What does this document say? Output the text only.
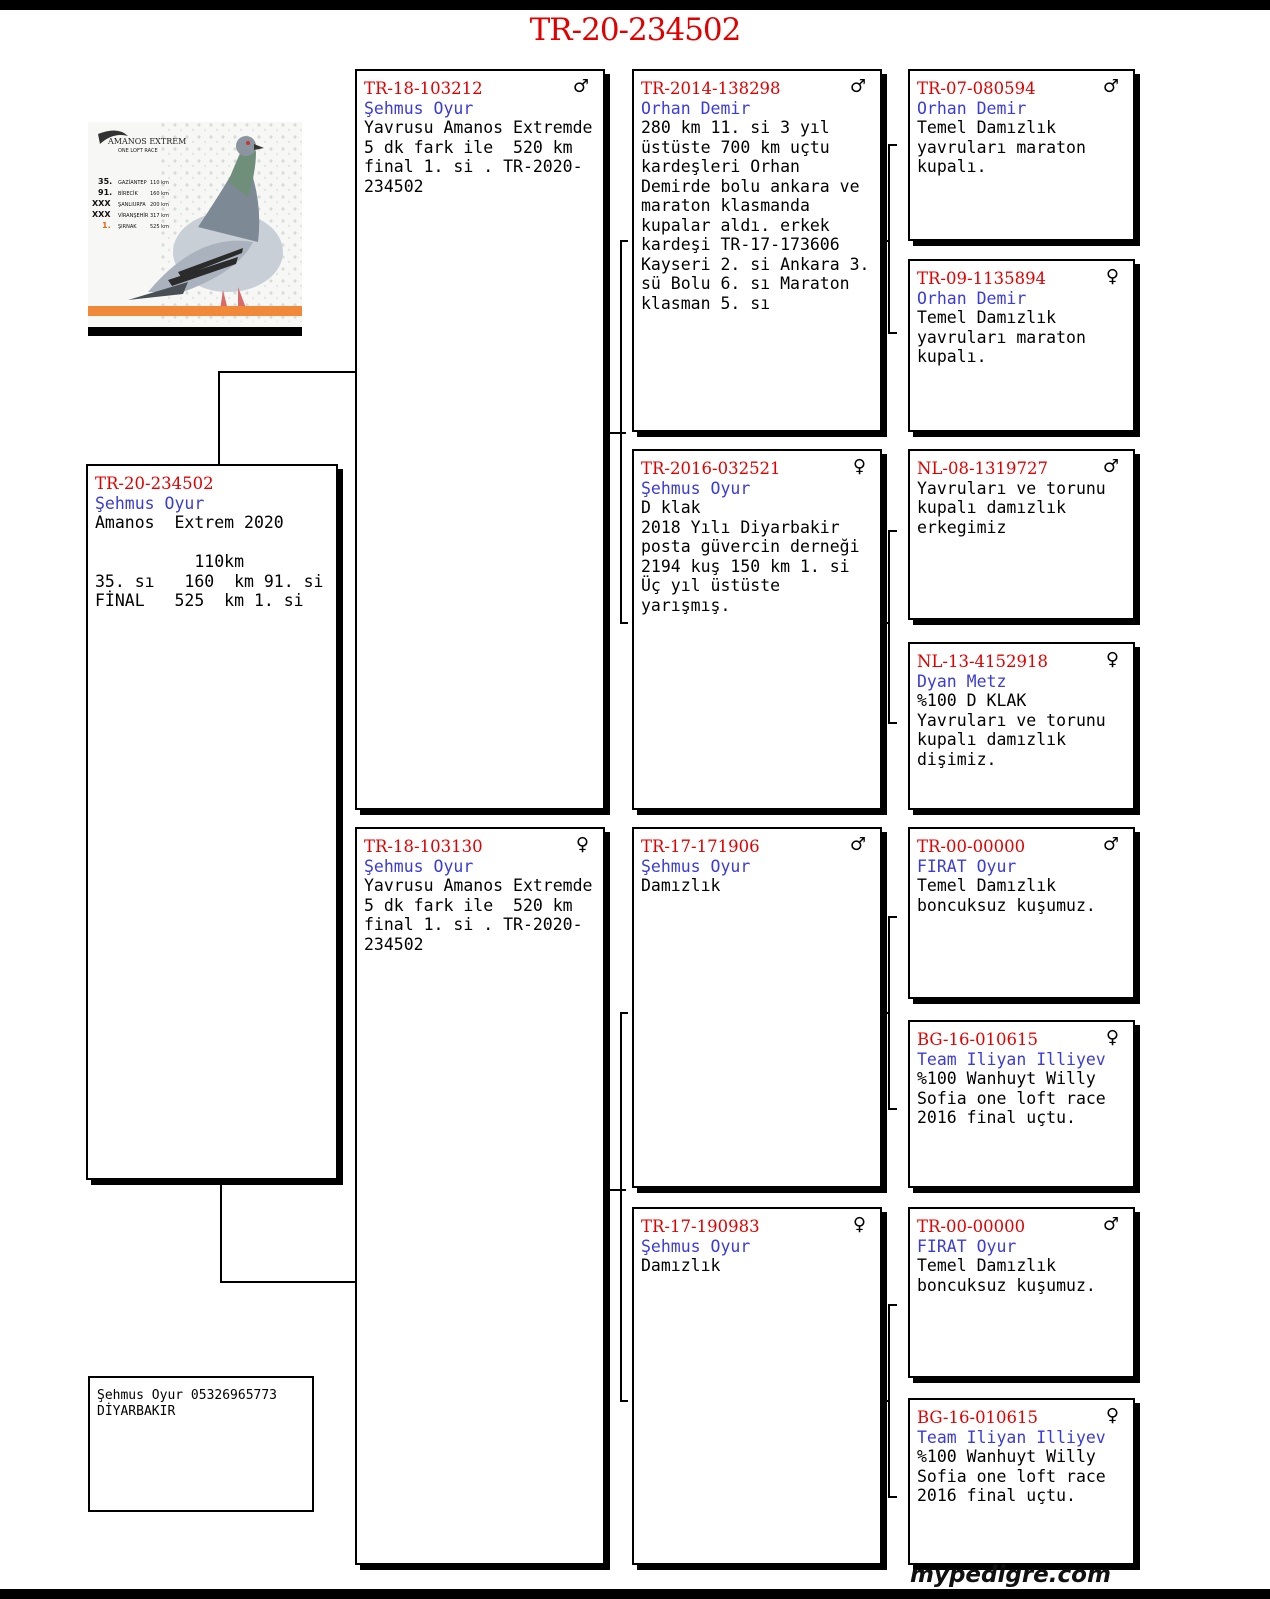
TR-20-234502
AMANOS EXTREM
ONE LOFT RACE
35. GAZİANTEP 110 km
91. BİRECİK 160 km
XXX ŞANLIURFA 200 km
XXX VİRANŞEHİR 317 km
1. ŞIRNAK	525 km
TR-20-234502
Şehmus Oyur
Amanos  Extrem 2020

110km
35. sı   160  km 91. si
FİNAL   525  km 1. si
♂
TR-18-103212
Şehmus Oyur
Yavrusu Amanos Extremde 5 dk fark ile  520 km final 1. si . TR-2020-234502
♀
TR-18-103130
Şehmus Oyur
Yavrusu Amanos Extremde 5 dk fark ile  520 km final 1. si . TR-2020-234502
♂
TR-2014-138298
Orhan Demir
280 km 11. si 3 yıl üstüste 700 km uçtu kardeşleri Orhan Demirde bolu ankara ve maraton klasmanda kupalar aldı. erkek kardeşi TR-17-173606 Kayseri 2. si Ankara 3. sü Bolu 6. sı Maraton klasman 5. sı
♀
TR-2016-032521
Şehmus Oyur
D klak
2018 Yılı Diyarbakir posta güvercin derneği 2194 kuş 150 km 1. si Üç yıl üstüste yarışmış.
♂
TR-17-171906
Şehmus Oyur
Damızlık
♀
TR-17-190983
Şehmus Oyur
Damızlık
♂
TR-07-080594
Orhan Demir
Temel Damızlık yavruları maraton kupalı.
♀
TR-09-1135894
Orhan Demir
Temel Damızlık yavruları maraton kupalı.
♂
NL-08-1319727
Yavruları ve torunu kupalı damızlık erkegimiz
♀
NL-13-4152918
Dyan Metz
%100 D KLAK
Yavruları ve torunu kupalı damızlık dişimiz.
♂
TR-00-00000
FIRAT Oyur
Temel Damızlık boncuksuz kuşumuz.
♀
BG-16-010615
Team Iliyan Illiyev
%100 Wanhuyt Willy Sofia one loft race 2016 final uçtu.
♂
TR-00-00000
FIRAT Oyur
Temel Damızlık boncuksuz kuşumuz.
♀
BG-16-010615
Team Iliyan Illiyev
%100 Wanhuyt Willy Sofia one loft race 2016 final uçtu.
Şehmus Oyur 05326965773
DİYARBAKIR
mypedigre.com
